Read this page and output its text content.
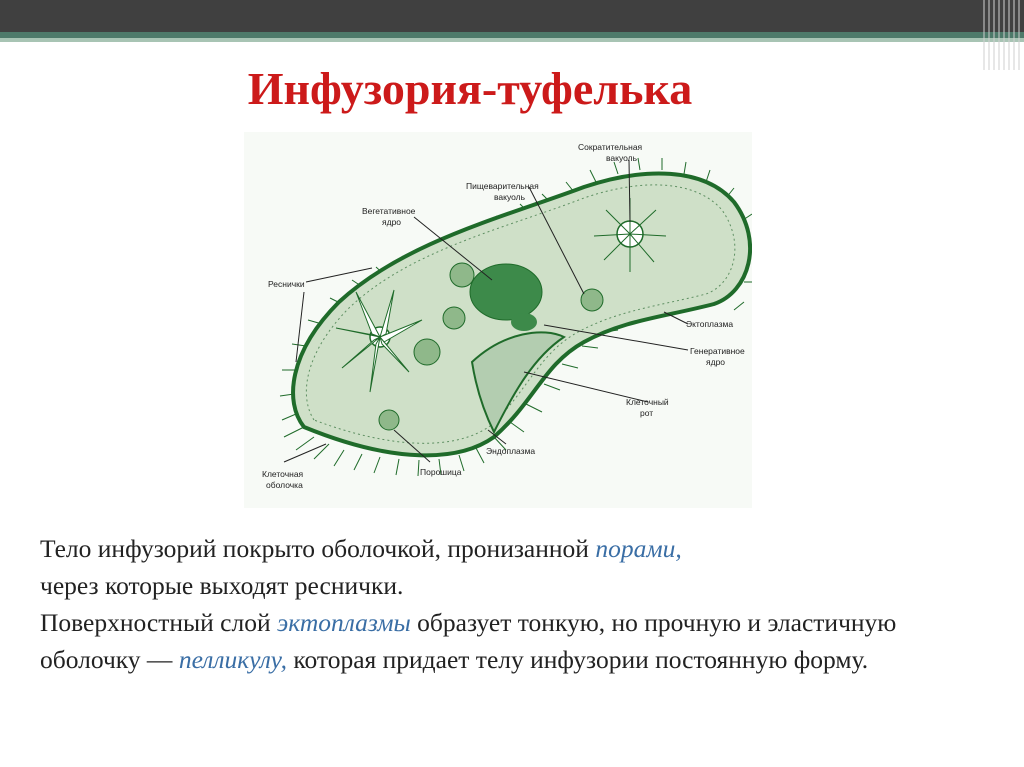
Инфузория-туфелька
Сократительная
вакуоль
Пищеварительная
вакуоль
Вегетативное
ядро
Реснички
Эктоплазма
Генеративное
ядро
Клеточный
рот
Эндоплазма
Клеточная
оболочка
Порошица

Тело инфузорий покрыто оболочкой, пронизанной порами,
через которые выходят реснички.

Поверхностный слой эктоплазмы образует тонкую, но прочную и эластичную оболочку — пелликулу, которая придает телу инфузории постоянную форму.
